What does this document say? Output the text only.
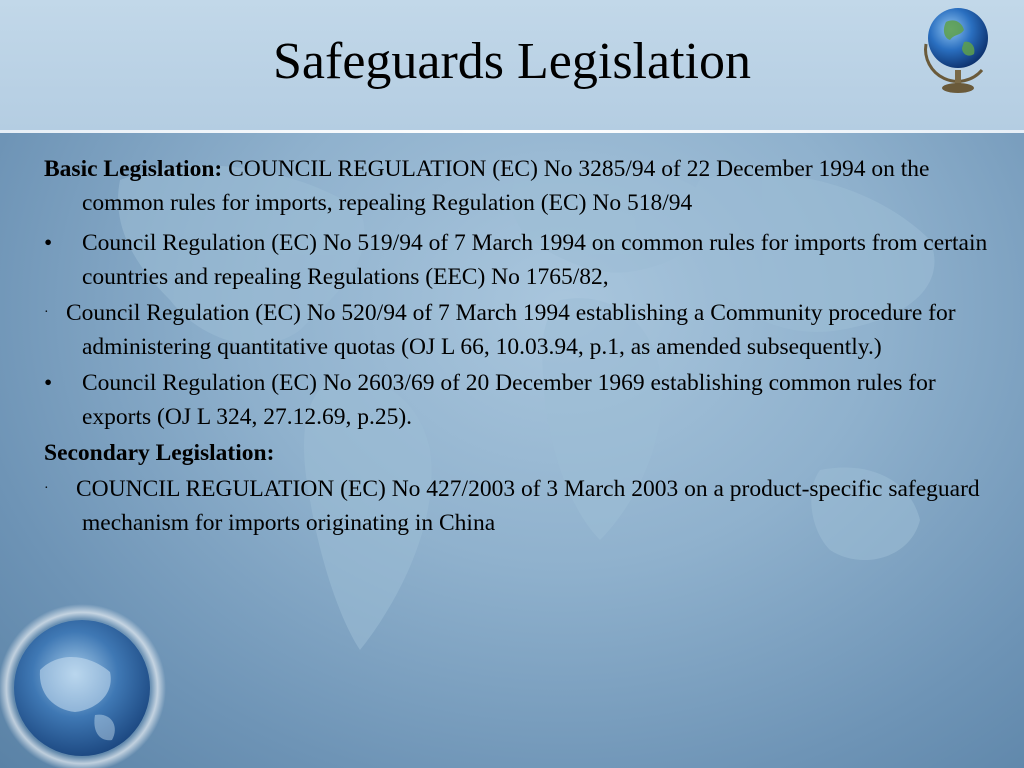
Safeguards Legislation

Basic Legislation: COUNCIL REGULATION (EC) No 3285/94 of 22 December 1994 on the common rules for imports, repealing Regulation (EC) No 518/94

• Council Regulation (EC) No 519/94 of 7 March 1994 on common rules for imports from certain countries and repealing Regulations (EEC) No 1765/82,

· Council Regulation (EC) No 520/94 of 7 March 1994 establishing a Community procedure for administering quantitative quotas (OJ L 66, 10.03.94, p.1, as amended subsequently.)

• Council Regulation (EC) No 2603/69 of 20 December 1969 establishing common rules for exports (OJ L 324, 27.12.69, p.25).

Secondary Legislation:

· COUNCIL REGULATION (EC) No 427/2003 of 3 March 2003 on a product-specific safeguard mechanism for imports originating in China
